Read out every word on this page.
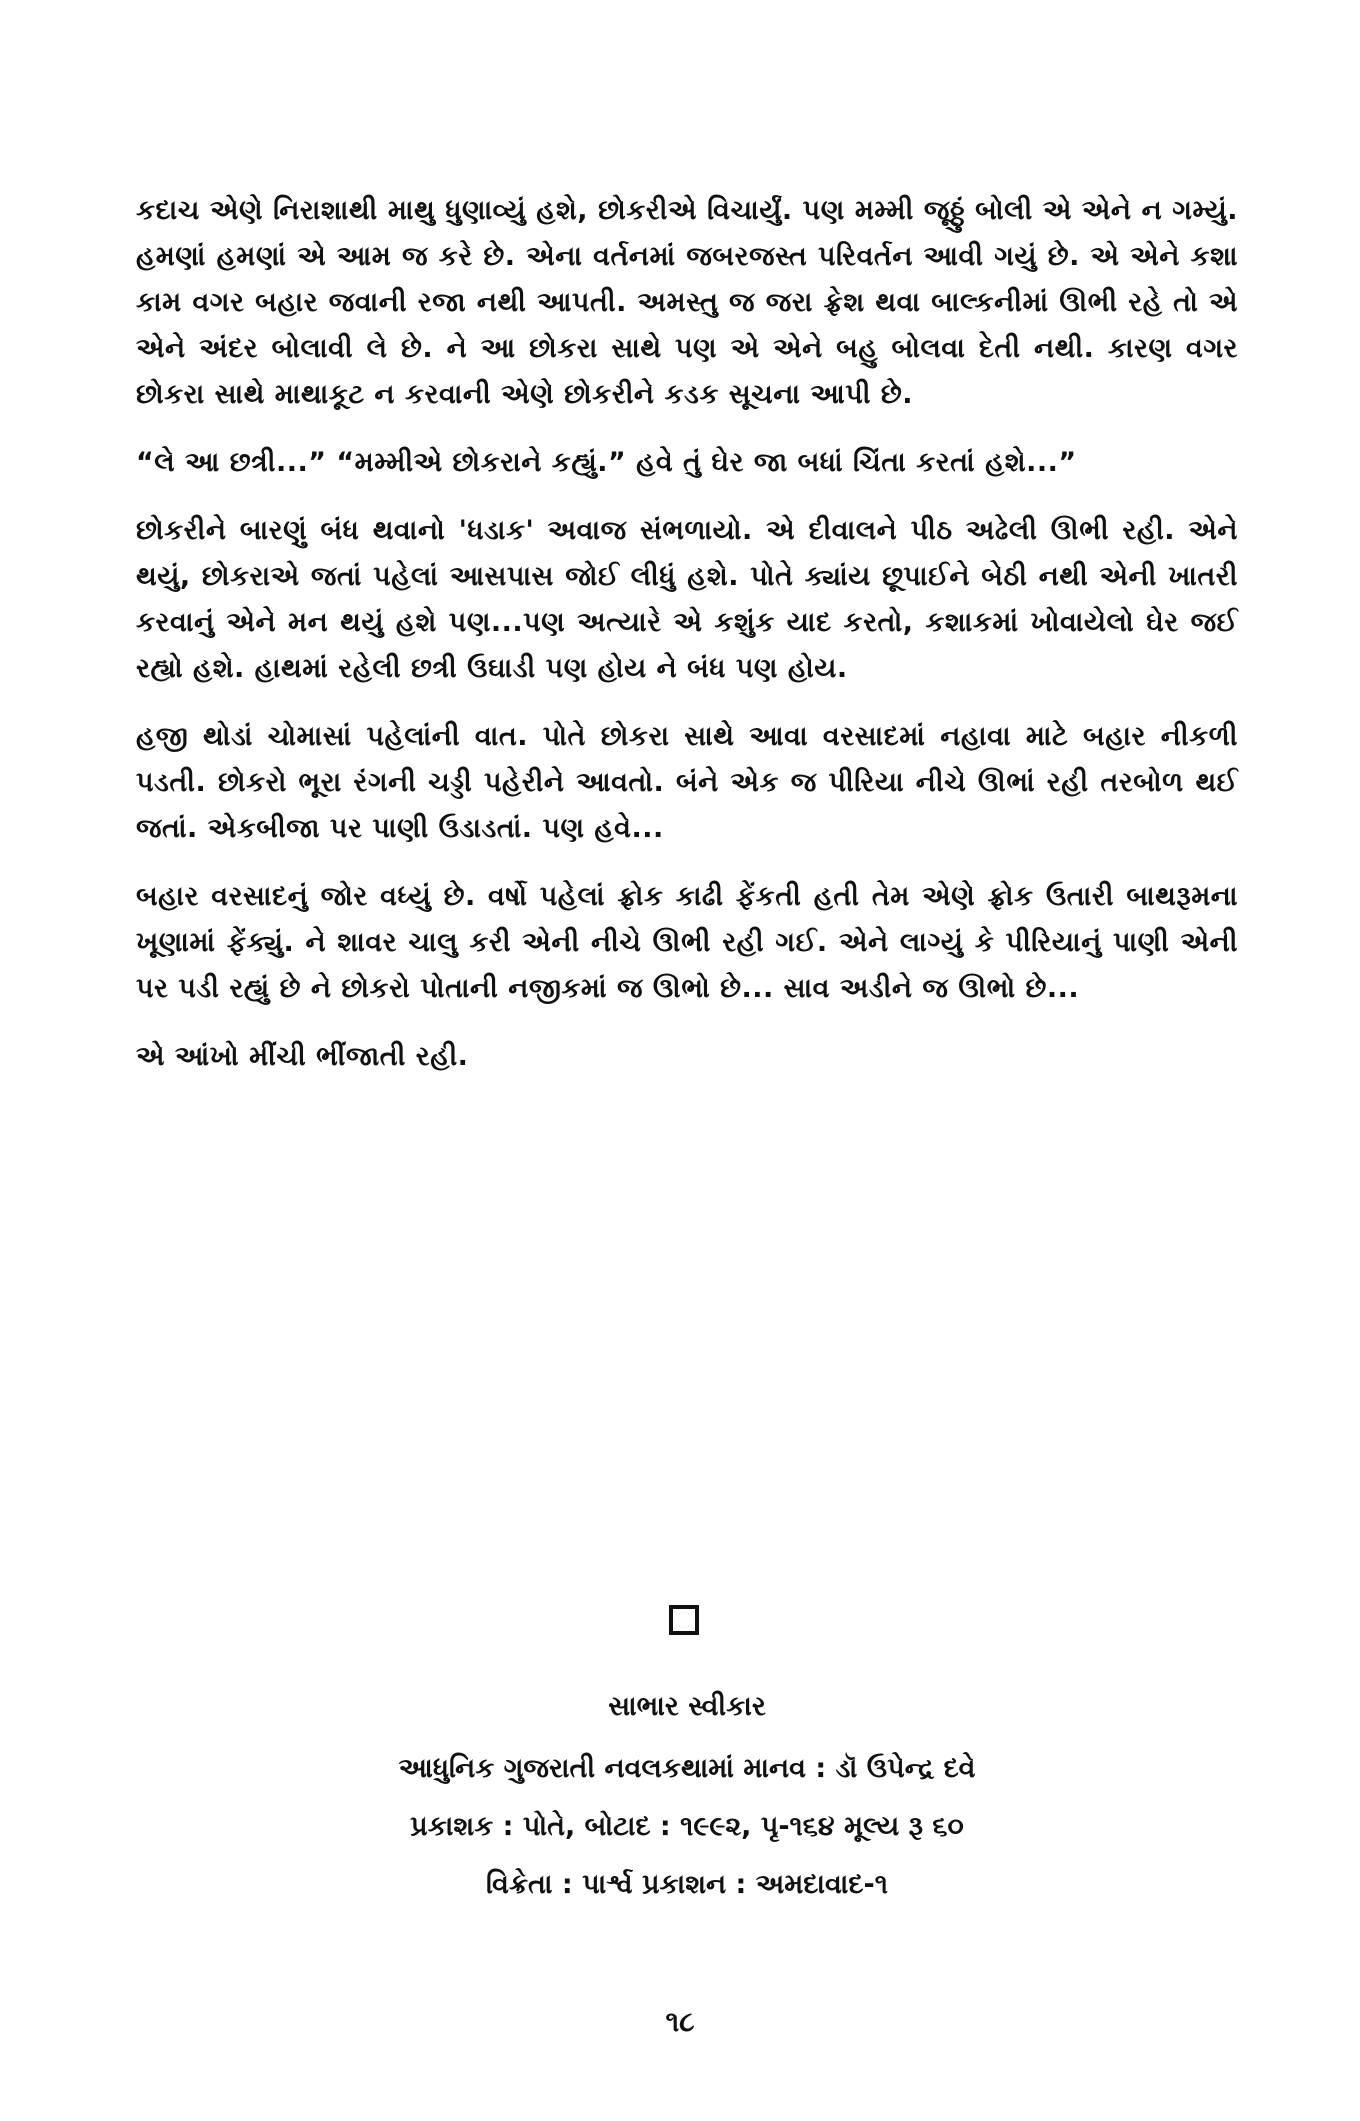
કદાચ એણે નિરાશાથી માથુ ધુણાવ્યું હશે, છોકરીએ વિચાર્યું. પણ મમ્મી જૂઠ્ઠું બોલી એ એને ન ગમ્યું. હમણાં હમણાં એ આમ જ કરે છે. એના વર્તનમાં જબરજસ્ત પરિવર્તન આવી ગયું છે. એ એને કશા કામ વગર બહાર જવાની રજા નથી આપતી. અમસ્તુ જ જરા ફ્રેશ થવા બાલ્કનીમાં ઊભી રહે તો એ એને અંદર બોલાવી લે છે. ને આ છોકરા સાથે પણ એ એને બહુ બોલવા દેતી નથી. કારણ વગર છોકરા સાથે માથાકૂટ ન કરવાની એણે છોકરીને કડક સૂચના આપી છે.

“લે આ છત્રી...” “મમ્મીએ છોકરાને કહ્યું.” હવે તું ઘેર જા બધાં ચિંતા કરતાં હશે...”

છોકરીને બારણું બંધ થવાનો 'ધડાક' અવાજ સંભળાયો. એ દીવાલને પીઠ અઢેલી ઊભી રહી. એને થયું, છોકરાએ જતાં પહેલાં આસપાસ જોઈ લીધું હશે. પોતે ક્યાંય છૂપાઈને બેઠી નથી એની ખાતરી કરવાનું એને મન થયું હશે પણ...પણ અત્યારે એ કશુંક યાદ કરતો, કશાકમાં ખોવાયેલો ઘેર જઈ રહ્યો હશે. હાથમાં રહેલી છત્રી ઉઘાડી પણ હોય ને બંધ પણ હોય.

હજી થોડાં ચોમાસાં પહેલાંની વાત. પોતે છોકરા સાથે આવા વરસાદમાં નહાવા માટે બહાર નીકળી પડતી. છોકરો ભૂરા રંગની ચડ્ડી પહેરીને આવતો. બંને એક જ પીરિયા નીચે ઊભાં રહી તરબોળ થઈ જતાં. એકબીજા પર પાણી ઉડાડતાં. પણ હવે...

બહાર વરસાદનું જોર વધ્યું છે. વર્ષો પહેલાં ફ્રોક કાઢી ફેંકતી હતી તેમ એણે ફ્રોક ઉતારી બાથરૂમના ખૂણામાં ફેંક્યું. ને શાવર ચાલુ કરી એની નીચે ઊભી રહી ગઈ. એને લાગ્યું કે પીરિયાનું પાણી એની પર પડી રહ્યું છે ને છોકરો પોતાની નજીકમાં જ ઊભો છે... સાવ અડીને જ ઊભો છે...

એ આંખો મીંચી ભીંજાતી રહી.

સાભાર સ્વીકાર
આધુનિક ગુજરાતી નવલકથામાં માનવ : ડૉ ઉપેન્દ્ર દવે
પ્રકાશક : પોતે, બોટાદ : ૧૯૯૨, પૃ-૧૬૪ મૂલ્ય રૂ ૬૦
વિક્રેતા : પાર્શ્વ પ્રકાશન : અમદાવાદ-૧
૧૮
